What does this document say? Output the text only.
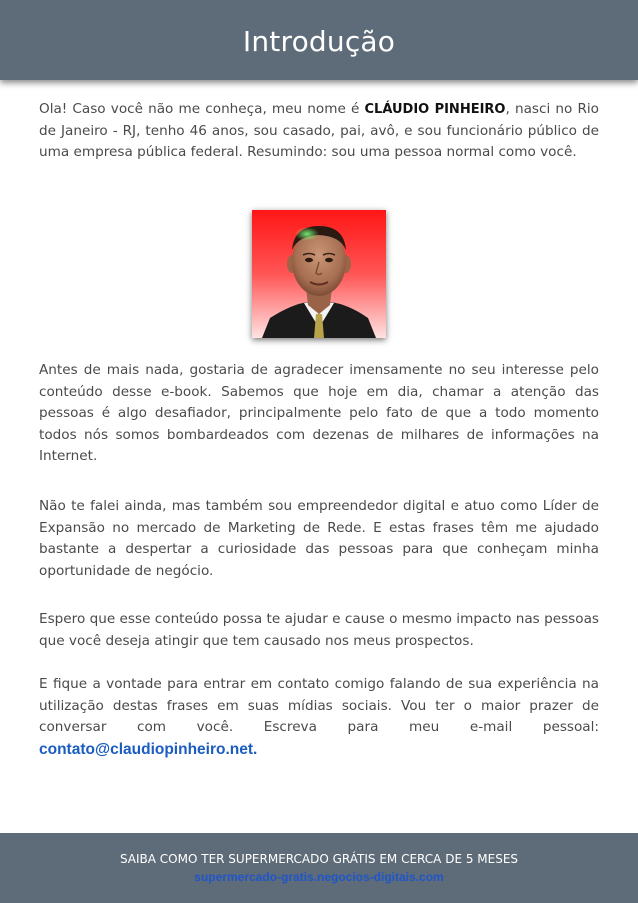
Introdução

Ola! Caso você não me conheça, meu nome é CLÁUDIO PINHEIRO, nasci no Rio de Janeiro - RJ, tenho 46 anos, sou casado, pai, avô, e sou funcionário público de uma empresa pública federal. Resumindo: sou uma pessoa normal como você.

Antes de mais nada, gostaria de agradecer imensamente no seu interesse pelo conteúdo desse e-book. Sabemos que hoje em dia, chamar a atenção das pessoas é algo desafiador, principalmente pelo fato de que a todo momento todos nós somos bombardeados com dezenas de milhares de informações na Internet.

Não te falei ainda, mas também sou empreendedor digital e atuo como Líder de Expansão no mercado de Marketing de Rede. E estas frases têm me ajudado bastante a despertar a curiosidade das pessoas para que conheçam minha oportunidade de negócio.

Espero que esse conteúdo possa te ajudar e cause o mesmo impacto nas pessoas que você deseja atingir que tem causado nos meus prospectos.

E fique a vontade para entrar em contato comigo falando de sua experiência na utilização destas frases em suas mídias sociais. Vou ter o maior prazer de conversar com você. Escreva para meu e-mail pessoal: contato@claudiopinheiro.net.

SAIBA COMO TER SUPERMERCADO GRÁTIS EM CERCA DE 5 MESES
supermercado-gratis.negocios-digitais.com
